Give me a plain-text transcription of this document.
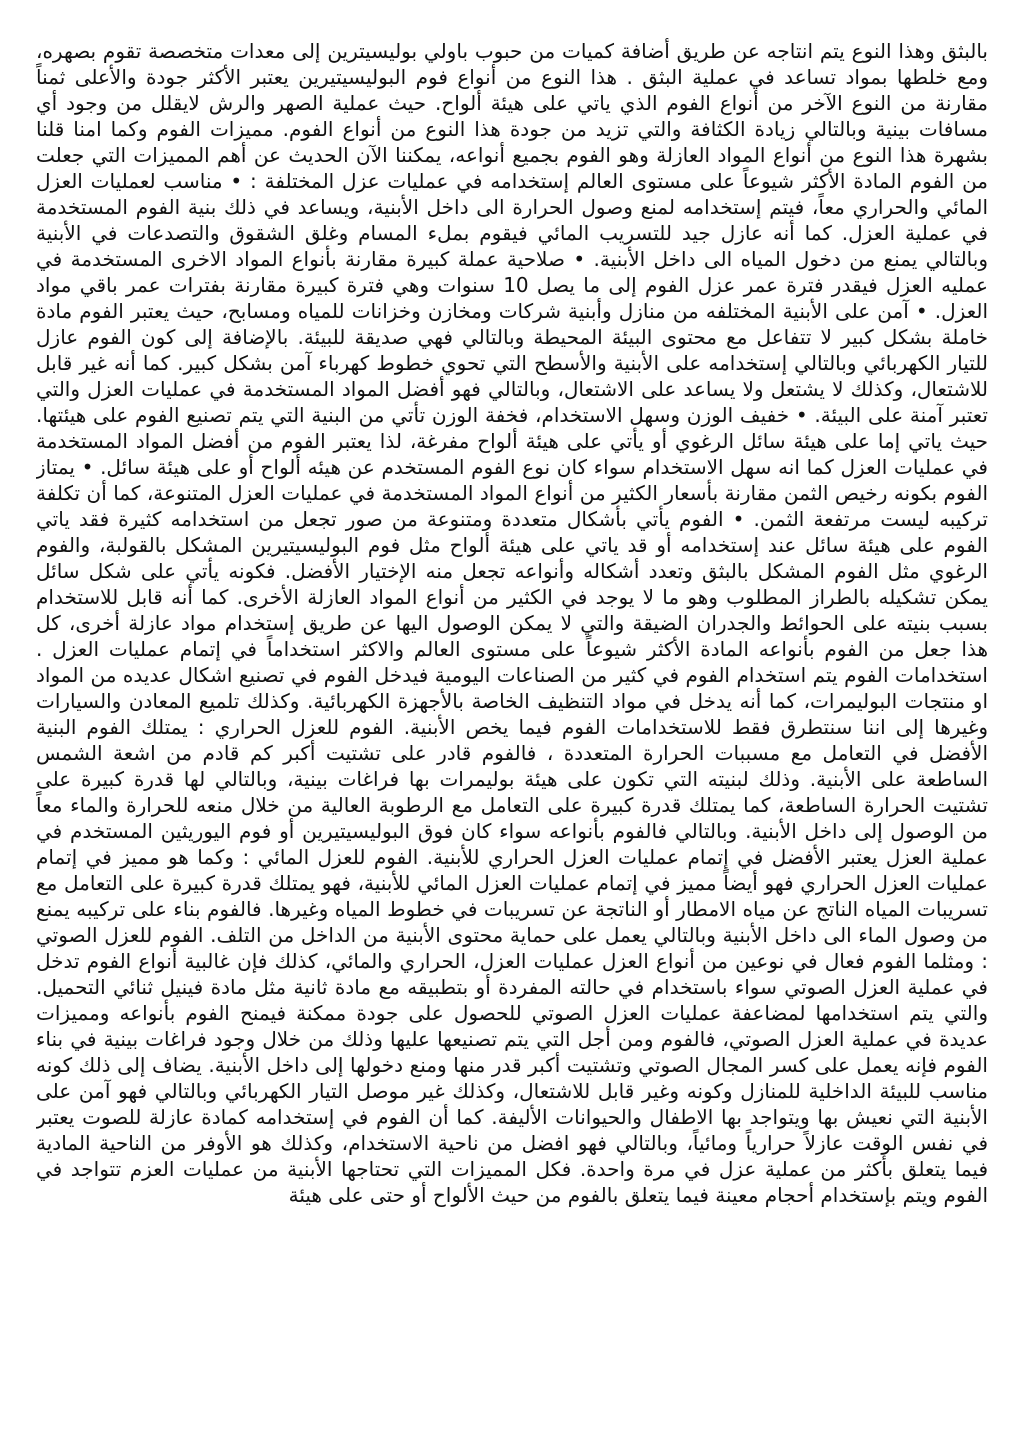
بالبثق وهذا النوع يتم انتاجه عن طريق أضافة كميات من حبوب باولي بوليسيترين إلى معدات متخصصة تقوم بصهره، ومع خلطها بمواد تساعد في عملية البثق . هذا النوع من أنواع فوم البوليسيتيرين يعتبر الأكثر جودة والأعلى ثمناً مقارنة من النوع الآخر من أنواع الفوم الذي ياتي على هيئة ألواح. حيث عملية الصهر والرش لايقلل من وجود أي مسافات بينية وبالتالي زيادة الكثافة والتي تزيد من جودة هذا النوع من أنواع الفوم. مميزات الفوم وكما امنا قلنا بشهرة هذا النوع من أنواع المواد العازلة وهو الفوم بجميع أنواعه، يمكننا الآن الحديث عن أهم المميزات التي جعلت من الفوم المادة الأكثر شيوعاً على مستوى العالم إستخدامه في عمليات عزل المختلفة : • مناسب لعمليات العزل المائي والحراري معاً، فيتم إستخدامه لمنع وصول الحرارة الى داخل الأبنية، ويساعد في ذلك بنية الفوم المستخدمة في عملية العزل. كما أنه عازل جيد للتسريب المائي فيقوم بملء المسام وغلق الشقوق والتصدعات في الأبنية وبالتالي يمنع من دخول المياه الى داخل الأبنية. • صلاحية عملة كبيرة مقارنة بأنواع المواد الاخرى المستخدمة في عمليه العزل فيقدر فترة عمر عزل الفوم إلى ما يصل 10 سنوات وهي فترة كبيرة مقارنة بفترات عمر باقي مواد العزل. • آمن على الأبنية المختلفه من منازل وأبنية شركات ومخازن وخزانات للمياه ومسابح، حيث يعتبر الفوم مادة خاملة بشكل كبير لا تتفاعل مع محتوى البيئة المحيطة وبالتالي فهي صديقة للبيئة. بالإضافة إلى كون الفوم عازل للتيار الكهربائي وبالتالي إستخدامه على الأبنية والأسطح التي تحوي خطوط كهرباء آمن بشكل كبير. كما أنه غير قابل للاشتعال، وكذلك لا يشتعل ولا يساعد على الاشتعال، وبالتالي فهو أفضل المواد المستخدمة في عمليات العزل والتي تعتبر آمنة على البيئة. • خفيف الوزن وسهل الاستخدام، فخفة الوزن تأتي من البنية التي يتم تصنيع الفوم على هيئتها. حيث ياتي إما على هيئة سائل الرغوي أو يأتي على هيئة ألواح مفرغة، لذا يعتبر الفوم من أفضل المواد المستخدمة في عمليات العزل كما انه سهل الاستخدام سواء كان نوع الفوم المستخدم عن هيئه ألواح أو على هيئة سائل. • يمتاز الفوم بكونه رخيص الثمن مقارنة بأسعار الكثير من أنواع المواد المستخدمة في عمليات العزل المتنوعة، كما أن تكلفة تركيبه ليست مرتفعة الثمن. • الفوم يأتي بأشكال متعددة ومتنوعة من صور تجعل من استخدامه كثيرة فقد ياتي الفوم على هيئة سائل عند إستخدامه أو قد ياتي على هيئة ألواح مثل فوم البوليسيتيرين المشكل بالقولبة، والفوم الرغوي مثل الفوم المشكل بالبثق وتعدد أشكاله وأنواعه تجعل منه الإختيار الأفضل. فكونه يأتي على شكل سائل يمكن تشكيله بالطراز المطلوب وهو ما لا يوجد في الكثير من أنواع المواد العازلة الأخرى. كما أنه قابل للاستخدام بسبب بنيته على الحوائط والجدران الضيقة والتي لا يمكن الوصول اليها عن طريق إستخدام مواد عازلة أخرى، كل هذا جعل من الفوم بأنواعه المادة الأكثر شيوعاً على مستوى العالم والاكثر استخداماً في إتمام عمليات العزل . استخدامات الفوم يتم استخدام الفوم في كثير من الصناعات اليومية فيدخل الفوم في تصنيع اشكال عديده من المواد او منتجات البوليمرات، كما أنه يدخل في مواد التنظيف الخاصة بالأجهزة الكهربائية. وكذلك تلميع المعادن والسيارات وغيرها إلى اننا سنتطرق فقط للاستخدامات الفوم فيما يخص الأبنية. الفوم للعزل الحراري : يمتلك الفوم البنية الأفضل في التعامل مع مسببات الحرارة المتعددة ، فالفوم قادر على تشتيت أكبر كم قادم من اشعة الشمس الساطعة على الأبنية. وذلك لبنيته التي تكون على هيئة بوليمرات بها فراغات بينية، وبالتالي لها قدرة كبيرة على تشتيت الحرارة الساطعة، كما يمتلك قدرة كبيرة على التعامل مع الرطوبة العالية من خلال منعه للحرارة والماء معاً من الوصول إلى داخل الأبنية. وبالتالي فالفوم بأنواعه سواء كان فوق البوليسيتيرين أو فوم اليوريثين المستخدم في عملية العزل يعتبر الأفضل في إتمام عمليات العزل الحراري للأبنية. الفوم للعزل المائي : وكما هو مميز في إتمام عمليات العزل الحراري فهو أيضاً مميز في إتمام عمليات العزل المائي للأبنية، فهو يمتلك قدرة كبيرة على التعامل مع تسريبات المياه الناتج عن مياه الامطار أو الناتجة عن تسريبات في خطوط المياه وغيرها. فالفوم بناء على تركيبه يمنع من وصول الماء الى داخل الأبنية وبالتالي يعمل على حماية محتوى الأبنية من الداخل من التلف. الفوم للعزل الصوتي : ومثلما الفوم فعال في نوعين من أنواع العزل عمليات العزل، الحراري والمائي، كذلك فإن غالبية أنواع الفوم تدخل في عملية العزل الصوتي سواء باستخدام في حالته المفردة أو بتطبيقه مع مادة ثانية مثل مادة فينيل ثنائي التحميل. والتي يتم استخدامها لمضاعفة عمليات العزل الصوتي للحصول على جودة ممكنة فيمنح الفوم بأنواعه ومميزات عديدة في عملية العزل الصوتي، فالفوم ومن أجل التي يتم تصنيعها عليها وذلك من خلال وجود فراغات بينية في بناء الفوم فإنه يعمل على كسر المجال الصوتي وتشتيت أكبر قدر منها ومنع دخولها إلى داخل الأبنية. يضاف إلى ذلك كونه مناسب للبيئة الداخلية للمنازل وكونه وغير قابل للاشتعال، وكذلك غير موصل التيار الكهربائي وبالتالي فهو آمن على الأبنية التي نعيش بها ويتواجد بها الاطفال والحيوانات الأليفة. كما أن الفوم في إستخدامه كمادة عازلة للصوت يعتبر في نفس الوقت عازلاً حرارياً ومائياً، وبالتالي فهو افضل من ناحية الاستخدام، وكذلك هو الأوفر من الناحية المادية فيما يتعلق بأكثر من عملية عزل في مرة واحدة. فكل المميزات التي تحتاجها الأبنية من عمليات العزم تتواجد في الفوم ويتم بإستخدام أحجام معينة فيما يتعلق بالفوم من حيث الألواح أو حتى على هيئة
